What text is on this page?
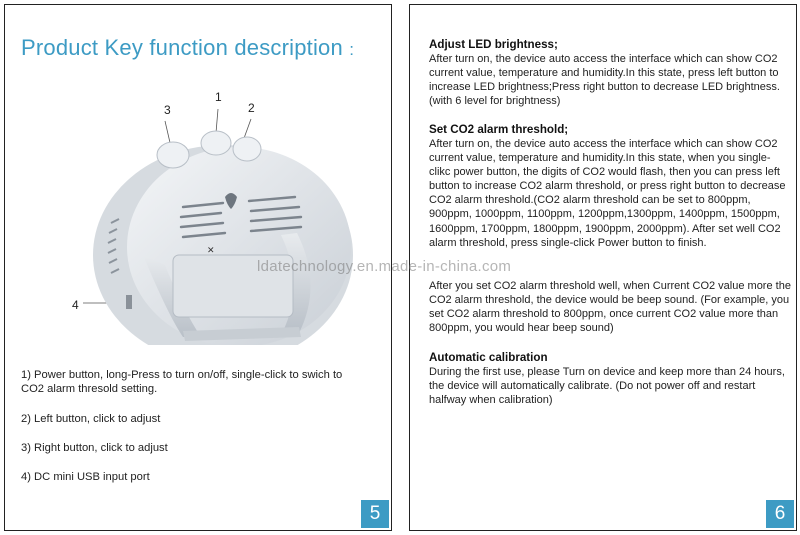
Product Key function description :
3
1
2
4
✕
1) Power button, long-Press to turn on/off, single-click to swich to CO2 alarm thresold setting.
2) Left button, click to adjust
3) Right button, click to adjust
4) DC mini USB input port
5
Adjust LED brightness;

After turn on, the device auto access the interface which can show CO2 current value, temperature and humidity.In this state, press left button to increase LED brightness;Press right button to decrease LED brightness.(with 6 level for brightness)

Set CO2 alarm threshold;

After turn on, the device auto access the interface which can show CO2 current value, temperature and humidity.In this state, when you single-clikc power button, the digits of CO2 would flash, then you can press left button to increase CO2 alarm threshold, or press right button to decrease CO2 alarm threshold.(CO2 alarm threshold can be set to 800ppm, 900ppm, 1000ppm, 1100ppm, 1200ppm,1300ppm, 1400ppm, 1500ppm, 1600ppm, 1700ppm, 1800ppm, 1900ppm, 2000ppm). After set well CO2 alarm threshold, press single-click Power button to finish.

After you set CO2 alarm threshold well, when Current CO2 value more the CO2 alarm threshold, the device would be beep sound. (For example, you set CO2 alarm threshold to 800ppm, once current CO2 value more than 800ppm, you would hear beep sound)

Automatic calibration

During the first use, please Turn on device and keep more than 24 hours, the device will automatically calibrate. (Do not power off and restart halfway when calibration)

6
ldatechnology.en.made-in-china.com
